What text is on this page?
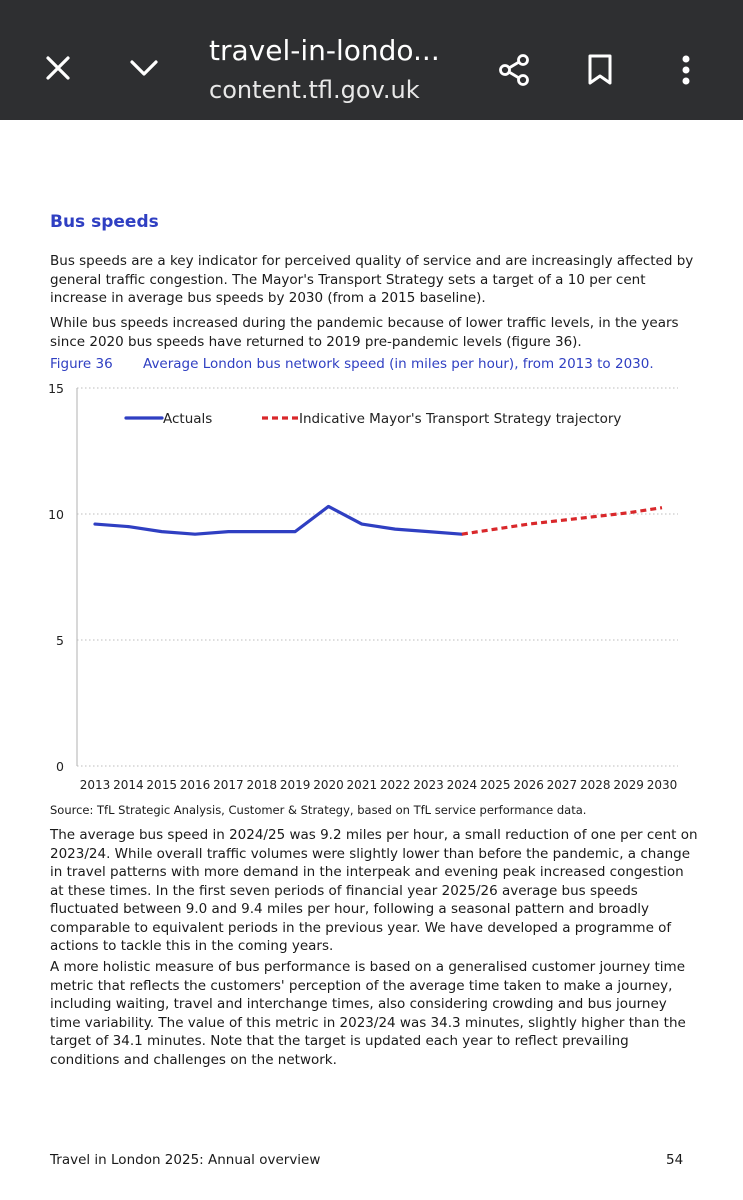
travel-in-londo...
content.tfl.gov.uk
Bus speeds
Bus speeds are a key indicator for perceived quality of service and are increasingly affected by general traffic congestion. The Mayor's Transport Strategy sets a target of a 10 per cent increase in average bus speeds by 2030 (from a 2015 baseline).
While bus speeds increased during the pandemic because of lower traffic levels, in the years since 2020 bus speeds have returned to 2019 pre-pandemic levels (figure 36).
Figure 36 Average London bus network speed (in miles per hour), from 2013 to 2030.
0
5
10
15
2013 2014 2015 2016 2017 2018 2019 2020 2021 2022 2023 2024 2025 2026 2027 2028 2029 2030
Actuals	Indicative Mayor's Transport Strategy trajectory
Source: TfL Strategic Analysis, Customer & Strategy, based on TfL service performance data.
The average bus speed in 2024/25 was 9.2 miles per hour, a small reduction of one per cent on 2023/24. While overall traffic volumes were slightly lower than before the pandemic, a change in travel patterns with more demand in the interpeak and evening peak increased congestion at these times. In the first seven periods of financial year 2025/26 average bus speeds fluctuated between 9.0 and 9.4 miles per hour, following a seasonal pattern and broadly comparable to equivalent periods in the previous year. We have developed a programme of actions to tackle this in the coming years.
A more holistic measure of bus performance is based on a generalised customer journey time metric that reflects the customers' perception of the average time taken to make a journey, including waiting, travel and interchange times, also considering crowding and bus journey time variability. The value of this metric in 2023/24 was 34.3 minutes, slightly higher than the target of 34.1 minutes. Note that the target is updated each year to reflect prevailing conditions and challenges on the network.
Travel in London 2025: Annual overview	54
